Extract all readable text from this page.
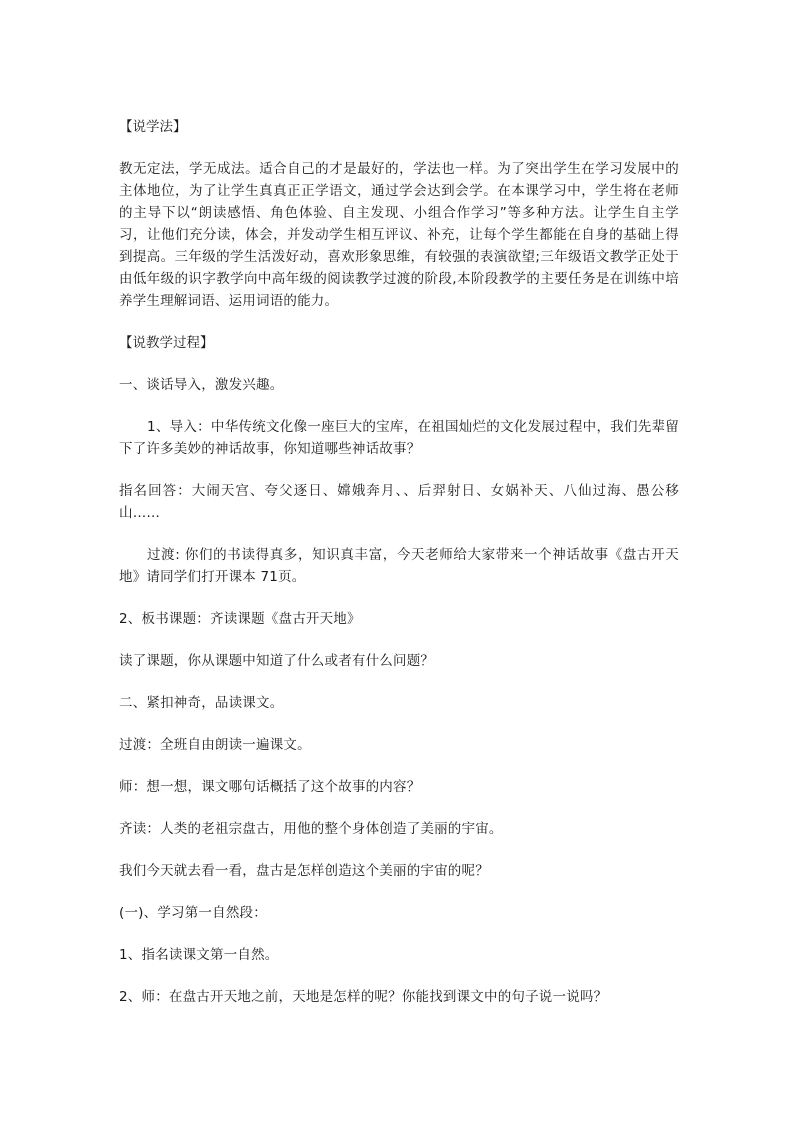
【说学法】

教无定法，学无成法。适合自己的才是最好的，学法也一样。为了突出学生在学习发展中的主体地位，为了让学生真真正正学语文，通过学会达到会学。在本课学习中，学生将在老师的主导下以“朗读感悟、角色体验、自主发现、小组合作学习”等多种方法。让学生自主学习，让他们充分读，体会，并发动学生相互评议、补充，让每个学生都能在自身的基础上得到提高。三年级的学生活泼好动，喜欢形象思维，有较强的表演欲望;三年级语文教学正处于由低年级的识字教学向中高年级的阅读教学过渡的阶段,本阶段教学的主要任务是在训练中培养学生理解词语、运用词语的能力。

【说教学过程】

一、谈话导入，激发兴趣。

1、导入：中华传统文化像一座巨大的宝库，在祖国灿烂的文化发展过程中，我们先辈留下了许多美妙的神话故事，你知道哪些神话故事？

指名回答：大闹天宫、夸父逐日、嫦娥奔月、、后羿射日、女娲补天、八仙过海、愚公移山……

过渡: 你们的书读得真多，知识真丰富，今天老师给大家带来一个神话故事《盘古开天地》请同学们打开课本 71页。

2、板书课题：齐读课题《盘古开天地》

读了课题，你从课题中知道了什么或者有什么问题？

二、紧扣神奇，品读课文。

过渡：全班自由朗读一遍课文。

师：想一想，课文哪句话概括了这个故事的内容？

齐读：人类的老祖宗盘古，用他的整个身体创造了美丽的宇宙。

我们今天就去看一看，盘古是怎样创造这个美丽的宇宙的呢？

(一)、学习第一自然段：

1、指名读课文第一自然。

2、师：在盘古开天地之前，天地是怎样的呢？你能找到课文中的句子说一说吗？
